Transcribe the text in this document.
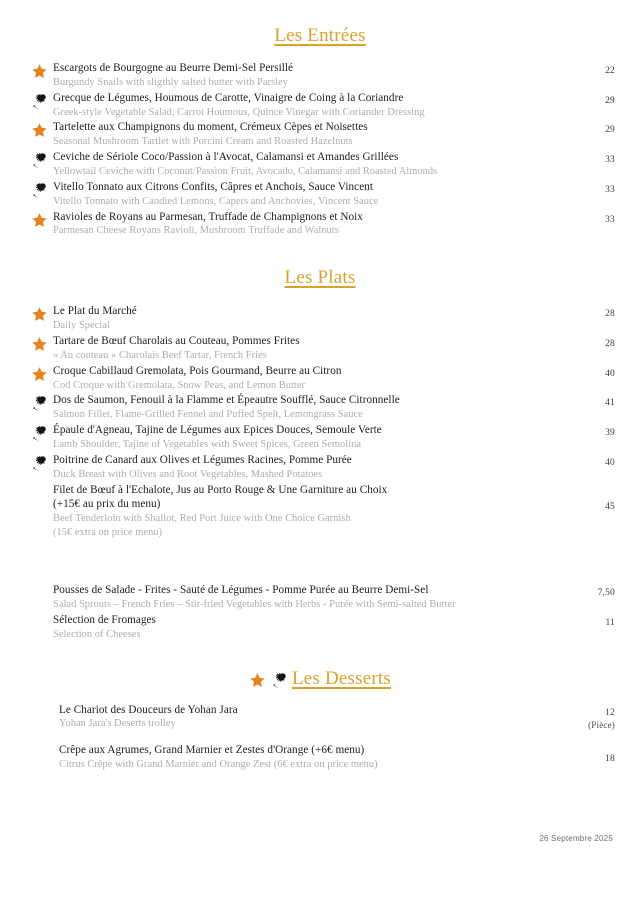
Les Entrées
Escargots de Bourgogne au Beurre Demi-Sel Persillé
Burgundy Snails with sligthly salted butter with Parsley
22
Grecque de Légumes, Houmous de Carotte, Vinaigre de Coing à la Coriandre
Greek-style Vegetable Salad, Carrot Houmous, Quince Vinegar with Coriander Dressing
29
Tartelette aux Champignons du moment, Crémeux Cèpes et Noisettes
Seasonal Mushroom Tartlet with Porcini Cream and Roasted Hazelnuts
29
Ceviche de Sériole Coco/Passion à l'Avocat, Calamansi et Amandes Grillées
Yellowtail Ceviche with Coconut/Passion Fruit, Avocado, Calamansi and Roasted Almonds
33
Vitello Tonnato aux Citrons Confits, Câpres et Anchois, Sauce Vincent
Vitello Tonnato with Candied Lemons, Capers and Anchovies, Vincent Sauce
33
Ravioles de Royans au Parmesan, Truffade de Champignons et Noix
Parmesan Cheese Royans Ravioli, Mushroom Truffade and Walnuts
33
Les Plats
Le Plat du Marché
Daily Special
28
Tartare de Bœuf Charolais au Couteau, Pommes Frites
« Au couteau » Charolais Beef Tartar, French Fries
28
Croque Cabillaud Gremolata, Pois Gourmand, Beurre au Citron
Cod Croque with Gremolata, Snow Peas, and Lemon Butter
40
Dos de Saumon, Fenouil à la Flamme et Épeautre Soufflé, Sauce Citronnelle
Salmon Fillet, Flame-Grilled Fennel and Puffed Spelt, Lemongrass Sauce
41
Épaule d'Agneau, Tajine de Légumes aux Epices Douces, Semoule Verte
Lamb Shoulder, Tajine of Vegetables with Sweet Spices, Green Semolina
39
Poitrine de Canard aux Olives et Légumes Racines, Pomme Purée
Duck Breast with Olives and Root Vegetables, Mashed Potatoes
40
Filet de Bœuf à l'Echalote, Jus au Porto Rouge & Une Garniture au Choix
(+15€ au prix du menu)
Beef Tenderloin with Shallot, Red Port Juice with One Choice Garnish
(15€ extra on price menu)
45
Pousses de Salade - Frites - Sauté de Légumes - Pomme Purée au Beurre Demi-Sel
Salad Sprouts – French Fries – Stir-fried Vegetables with Herbs - Purée with Semi-salted Butter
7,50
Sélection de Fromages
Selection of Cheeses
11

Les Desserts
Le Chariot des Douceurs de Yohan Jara
Yohan Jara's Deserts trolley
12
(Pièce)
Crêpe aux Agrumes, Grand Marnier et Zestes d'Orange (+6€ menu)
Citrus Crêpe with Grand Marnier and Orange Zest (6€ extra on price menu)	18
26 Septembre 2025
